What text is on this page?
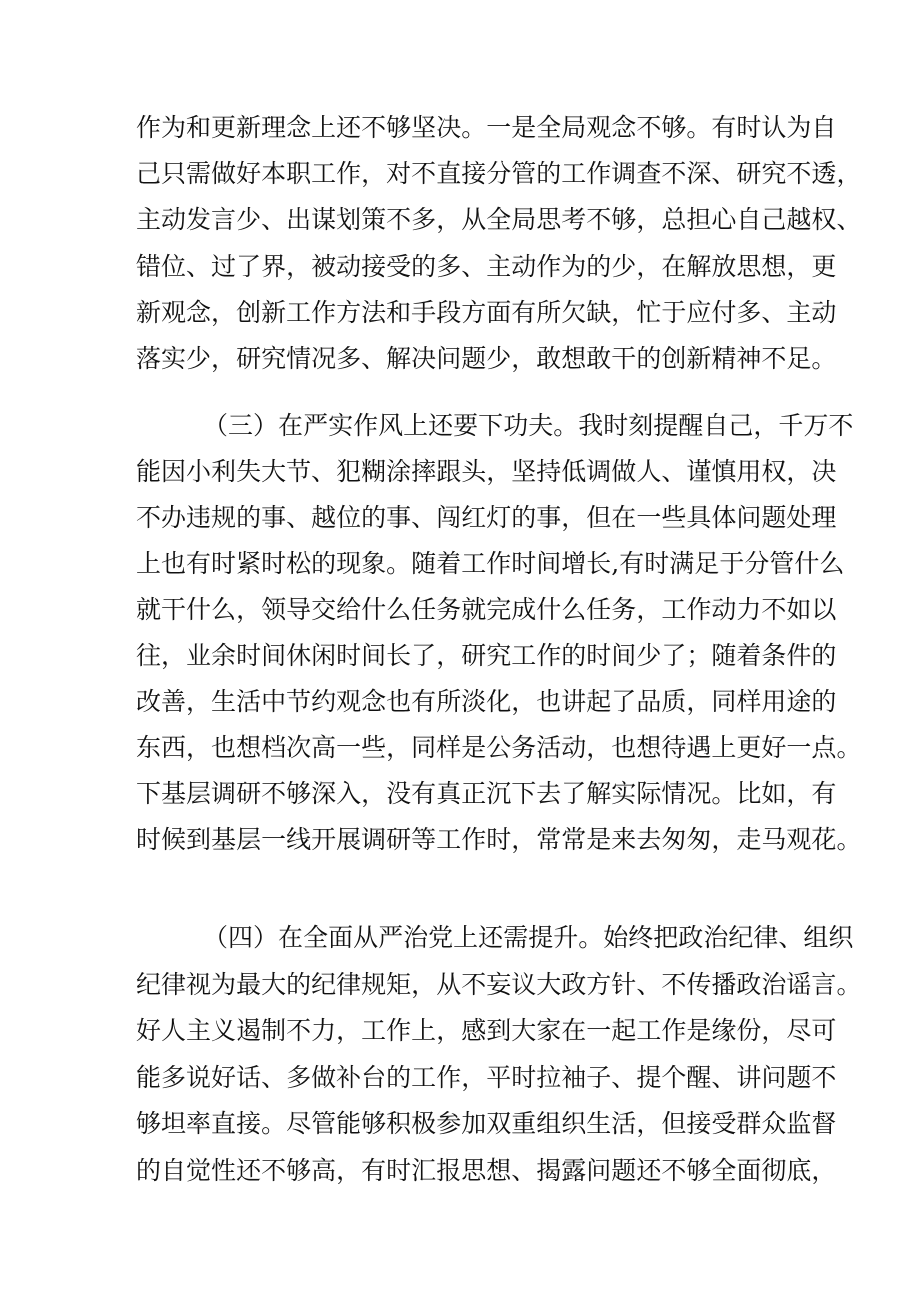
作 为 和 更 新 理 念 上 还 不 够 坚 决 。 一 是 全 局 观 念 不 够 。 有 时 认 为 自
己 只 需 做 好 本 职 工 作 ， 对 不 直 接 分 管 的 工 作 调 查 不 深 、 研 究 不 透 ，
主 动 发 言 少 、 出 谋 划 策 不 多 ， 从 全 局 思 考 不 够 ， 总 担 心 自 己 越 权 、
错 位 、 过 了 界 ， 被 动 接 受 的 多 、 主 动 作 为 的 少 ， 在 解 放 思 想 ， 更
新 观 念 ， 创 新 工 作 方 法 和 手 段 方 面 有 所 欠 缺 ， 忙 于 应 付 多 、 主 动
落 实 少 ， 研 究 情 况 多 、 解 决 问 题 少 ， 敢 想 敢 干 的 创 新 精 神 不 足 。
（ 三 ） 在 严 实 作 风 上 还 要 下 功 夫 。 我 时 刻 提 醒 自 己 ， 千 万 不
能 因 小 利 失 大 节 、 犯 糊 涂 摔 跟 头 ， 坚 持 低 调 做 人 、 谨 慎 用 权 ， 决
不 办 违 规 的 事 、 越 位 的 事 、 闯 红 灯 的 事 ， 但 在 一 些 具 体 问 题 处 理
上 也 有 时 紧 时 松 的 现 象 。 随 着 工 作 时 间 增 长 , 有 时 满 足 于 分 管 什 么
就 干 什 么 ， 领 导 交 给 什 么 任 务 就 完 成 什 么 任 务 ， 工 作 动 力 不 如 以
往 ， 业 余 时 间 休 闲 时 间 长 了 ， 研 究 工 作 的 时 间 少 了 ； 随 着 条 件 的
改 善 ， 生 活 中 节 约 观 念 也 有 所 淡 化 ， 也 讲 起 了 品 质 ， 同 样 用 途 的
东 西 ， 也 想 档 次 高 一 些 ， 同 样 是 公 务 活 动 ， 也 想 待 遇 上 更 好 一 点 。
下 基 层 调 研 不 够 深 入 ， 没 有 真 正 沉 下 去 了 解 实 际 情 况 。 比 如 ， 有
时 候 到 基 层 一 线 开 展 调 研 等 工 作 时 ， 常 常 是 来 去 匆 匆 ， 走 马 观 花 。
（ 四 ） 在 全 面 从 严 治 党 上 还 需 提 升 。 始 终 把 政 治 纪 律 、 组 织
纪 律 视 为 最 大 的 纪 律 规 矩 ， 从 不 妄 议 大 政 方 针 、 不 传 播 政 治 谣 言 。
好 人 主 义 遏 制 不 力 ， 工 作 上 ， 感 到 大 家 在 一 起 工 作 是 缘 份 ， 尽 可
能 多 说 好 话 、 多 做 补 台 的 工 作 ， 平 时 拉 袖 子 、 提 个 醒 、 讲 问 题 不
够 坦 率 直 接 。 尽 管 能 够 积 极 参 加 双 重 组 织 生 活 ， 但 接 受 群 众 监 督
的 自 觉 性 还 不 够 高 ， 有 时 汇 报 思 想 、 揭 露 问 题 还 不 够 全 面 彻 底 ，
